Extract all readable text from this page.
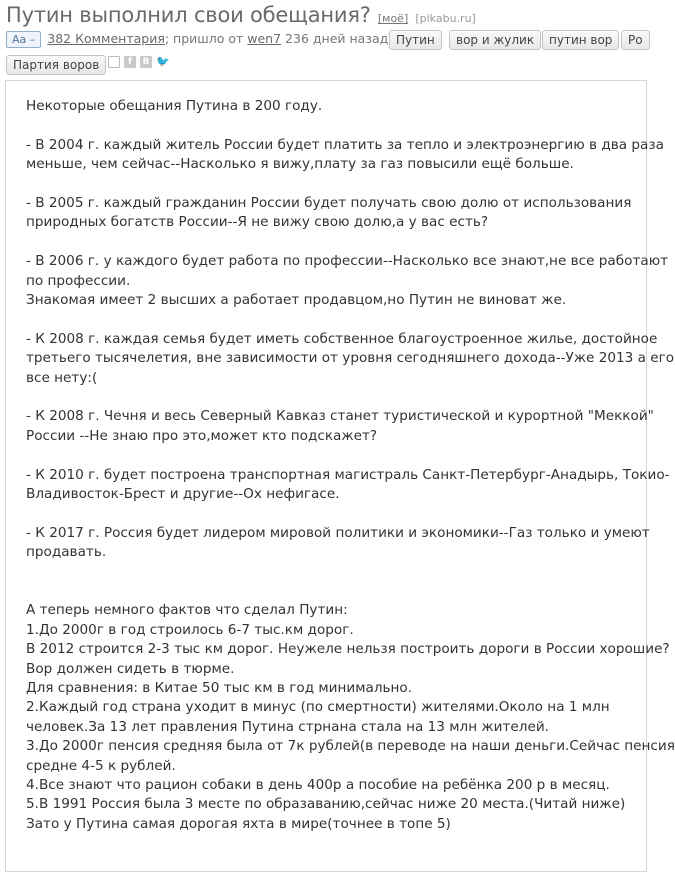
Путин выполнил свои обещания? [моё] [pikabu.ru]
Aa – 382 Комментария; пришло от wen7 236 дней назад Путин	вор и жулик	путин вор	Ро
Партия воров	f	B 🐦

Некоторые обещания Путина в 200 году.

- В 2004 г. каждый житель России будет платить за тепло и электроэнергию в два раза
меньше, чем сейчас--Насколько я вижу,плату за газ повысили ещё больше.

- В 2005 г. каждый гражданин России будет получать свою долю от использования
природных богатств России--Я не вижу свою долю,а у вас есть?

- В 2006 г. у каждого будет работа по профессии--Насколько все знают,не все работают
по профессии.
Знакомая имеет 2 высших а работает продавцом,но Путин не виноват же.

- К 2008 г. каждая семья будет иметь собственное благоустроенное жилье, достойное
третьего тысячелетия, вне зависимости от уровня сегодняшнего дохода--Уже 2013 а его
все нету:(

- К 2008 г. Чечня и весь Северный Кавказ станет туристической и курортной "Меккой"
России --Не знаю про это,может кто подскажет?

- К 2010 г. будет построена транспортная магистраль Санкт-Петербург-Анадырь, Токио-
Владивосток-Брест и другие--Ох нефигасе.

- К 2017 г. Россия будет лидером мировой политики и экономики--Газ только и умеют
продавать.

А теперь немного фактов что сделал Путин:
1.До 2000г в год строилось 6-7 тыс.км дорог.
В 2012 строится 2-3 тыс км дорог. Неужеле нельзя построить дороги в России хорошие?
Вор должен сидеть в тюрме.
Для сравнения: в Китае 50 тыс км в год минимально.
2.Каждый год страна уходит в минус (по смертности) жителями.Около на 1 млн
человек.За 13 лет правления Путина стрнана стала на 13 млн жителей.
3.До 2000г пенсия средняя была от 7к рублей(в переводе на наши деньги.Сейчас пенсия
средне 4-5 к рублей.
4.Все знают что рацион собаки в день 400р а пособие на ребёнка 200 р в месяц.
5.В 1991 Россия была 3 месте по образаванию,сейчас ниже 20 места.(Читай ниже)
Зато у Путина самая дорогая яхта в мире(точнее в топе 5)
